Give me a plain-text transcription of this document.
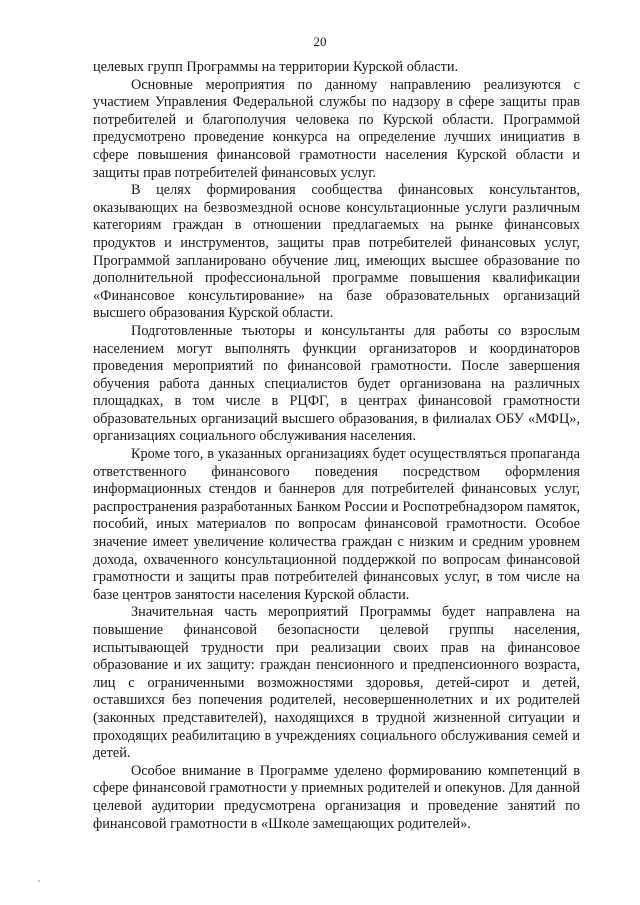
20

целевых групп Программы на территории Курской области.

Основные мероприятия по данному направлению реализуются с участием Управления Федеральной службы по надзору в сфере защиты прав потребителей и благополучия человека по Курской области. Программой предусмотрено проведение конкурса на определение лучших инициатив в сфере повышения финансовой грамотности населения Курской области и защиты прав потребителей финансовых услуг.

В целях формирования сообщества финансовых консультантов, оказывающих на безвозмездной основе консультационные услуги различным категориям граждан в отношении предлагаемых на рынке финансовых продуктов и инструментов, защиты прав потребителей финансовых услуг, Программой запланировано обучение лиц, имеющих высшее образование по дополнительной профессиональной программе повышения квалификации «Финансовое консультирование» на базе образовательных организаций высшего образования Курской области.

Подготовленные тьюторы и консультанты для работы со взрослым населением могут выполнять функции организаторов и координаторов проведения мероприятий по финансовой грамотности. После завершения обучения работа данных специалистов будет организована на различных площадках, в том числе в РЦФГ, в центрах финансовой грамотности образовательных организаций высшего образования, в филиалах ОБУ «МФЦ», организациях социального обслуживания населения.

Кроме того, в указанных организациях будет осуществляться пропаганда ответственного финансового поведения посредством оформления информационных стендов и баннеров для потребителей финансовых услуг, распространения разработанных Банком России и Роспотребнадзором памяток, пособий, иных материалов по вопросам финансовой грамотности. Особое значение имеет увеличение количества граждан с низким и средним уровнем дохода, охваченного консультационной поддержкой по вопросам финансовой грамотности и защиты прав потребителей финансовых услуг, в том числе на базе центров занятости населения Курской области.

Значительная часть мероприятий Программы будет направлена на повышение финансовой безопасности целевой группы населения, испытывающей трудности при реализации своих прав на финансовое образование и их защиту: граждан пенсионного и предпенсионного возраста, лиц с ограниченными возможностями здоровья, детей-сирот и детей, оставшихся без попечения родителей, несовершеннолетних и их родителей (законных представителей), находящихся в трудной жизненной ситуации и проходящих реабилитацию в учреждениях социального обслуживания семей и детей.

Особое внимание в Программе уделено формированию компетенций в сфере финансовой грамотности у приемных родителей и опекунов. Для данной целевой аудитории предусмотрена организация и проведение занятий по финансовой грамотности в «Школе замещающих родителей».
